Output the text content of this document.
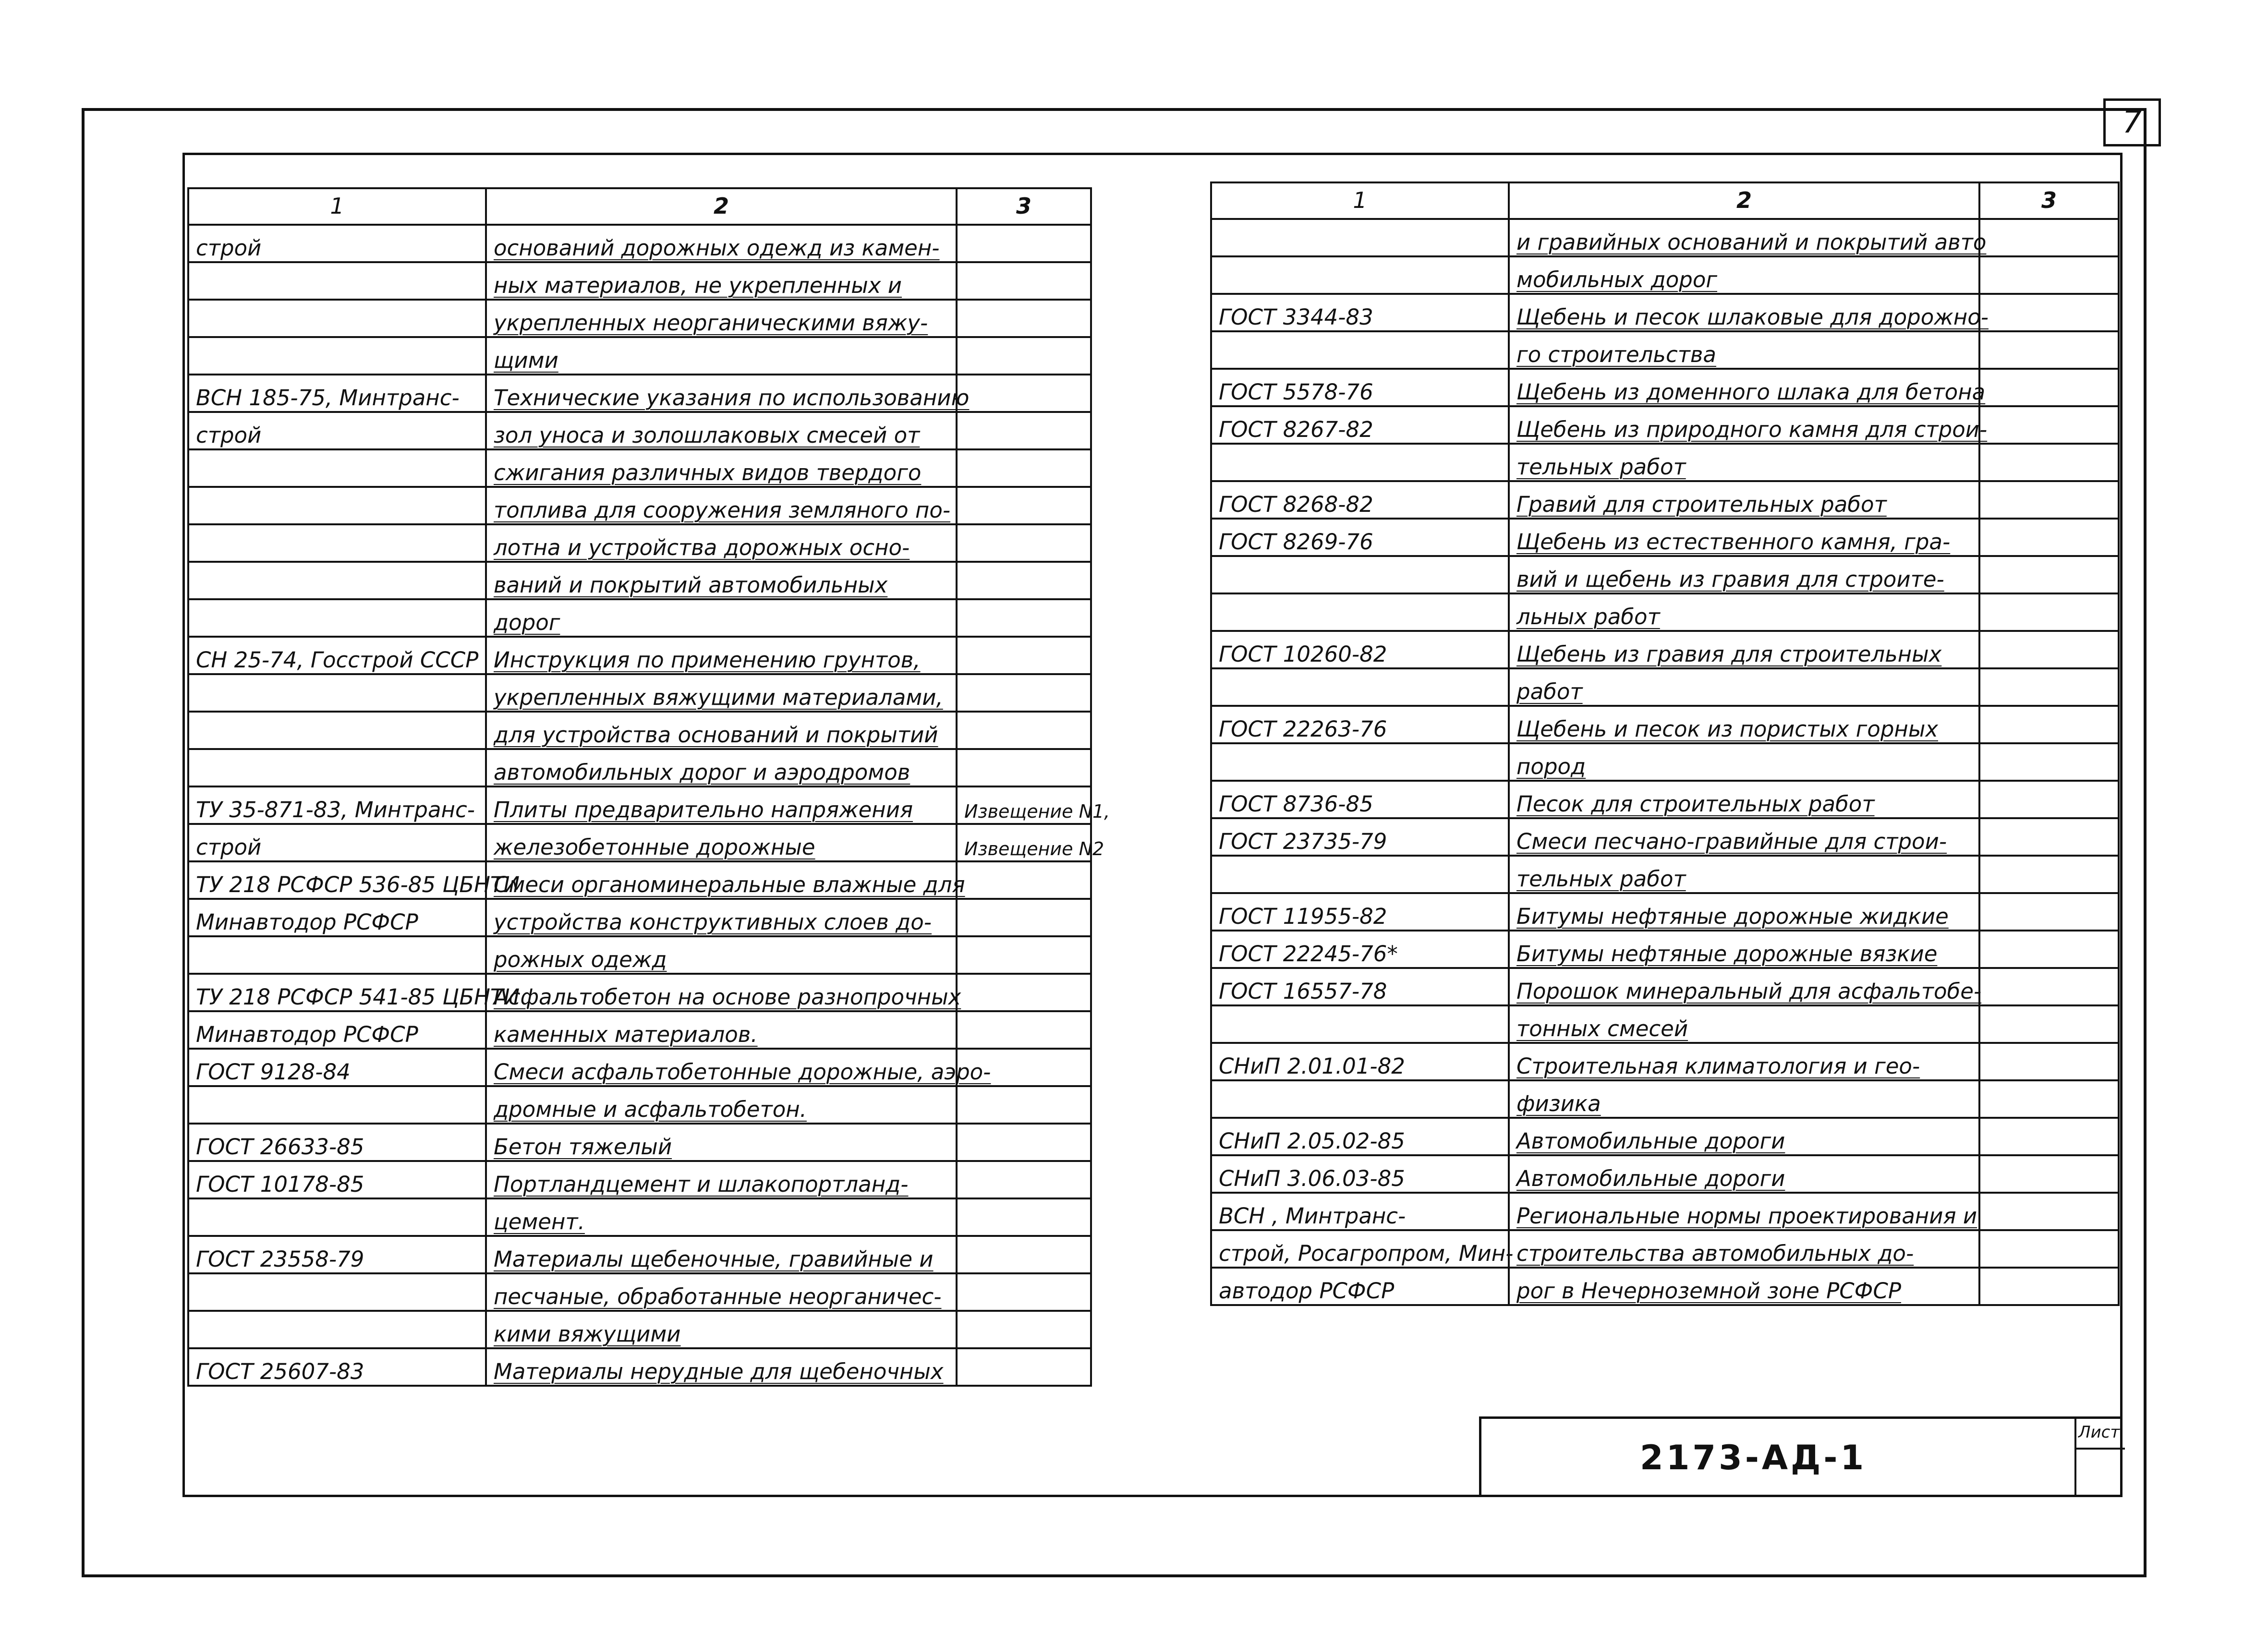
7
1	2	3
строй	оснований дорожных одежд из камен-	
	ных материалов, не укрепленных и	
	укрепленных неорганическими вяжу-	
	щими	
ВСН 185-75, Минтранс-	Технические указания по использованию	
строй	зол уноса и золошлаковых смесей от	
	сжигания различных видов твердого	
	топлива для сооружения земляного по-	
	лотна и устройства дорожных осно-	
	ваний и покрытий автомобильных	
	дорог	
СН 25-74, Госстрой СССР	Инструкция по применению грунтов,	
	укрепленных вяжущими материалами,	
	для устройства оснований и покрытий	
	автомобильных дорог и аэродромов	
ТУ 35-871-83, Минтранс-	Плиты предварительно напряжения	Извещение N1,
строй	железобетонные дорожные	Извещение N2
ТУ 218 РСФСР 536-85 ЦБНТИ	Смеси органоминеральные влажные для	
Минавтодор РСФСР	устройства конструктивных слоев до-	
	рожных одежд	
ТУ 218 РСФСР 541-85 ЦБНТИ	Асфальтобетон на основе разнопрочных	
Минавтодор РСФСР	каменных материалов.	
ГОСТ 9128-84	Смеси асфальтобетонные дорожные, аэро-	
	дромные и асфальтобетон.	
ГОСТ 26633-85	Бетон тяжелый	
ГОСТ 10178-85	Портландцемент и шлакопортланд-	
	цемент.	
ГОСТ 23558-79	Материалы щебеночные, гравийные и	
	песчаные, обработанные неорганичес-	
	кими вяжущими	
ГОСТ 25607-83	Материалы нерудные для щебеночных	
1	2	3
	и гравийных оснований и покрытий авто	
	мобильных дорог	
ГОСТ 3344-83	Щебень и песок шлаковые для дорожно-	
	го строительства	
ГОСТ 5578-76	Щебень из доменного шлака для бетона	
ГОСТ 8267-82	Щебень из природного камня для строи-	
	тельных работ	
ГОСТ 8268-82	Гравий для строительных работ	
ГОСТ 8269-76	Щебень из естественного камня, гра-	
	вий и щебень из гравия для строите-	
	льных работ	
ГОСТ 10260-82	Щебень из гравия для строительных	
	работ	
ГОСТ 22263-76	Щебень и песок из пористых горных	
	пород	
ГОСТ 8736-85	Песок для строительных работ	
ГОСТ 23735-79	Смеси песчано-гравийные для строи-	
	тельных работ	
ГОСТ 11955-82	Битумы нефтяные дорожные жидкие	
ГОСТ 22245-76*	Битумы нефтяные дорожные вязкие	
ГОСТ 16557-78	Порошок минеральный для асфальтобе-	
	тонных смесей	
СНиП 2.01.01-82	Строительная климатология и гео-	
	физика	
СНиП 2.05.02-85	Автомобильные дороги	
СНиП 3.06.03-85	Автомобильные дороги	
ВСН , Минтранс-	Региональные нормы проектирования и	
строй, Росагропром, Мин-	строительства автомобильных до-	
автодор РСФСР	рог в Нечерноземной зоне РСФСР	
2173-АД-1
Лист
